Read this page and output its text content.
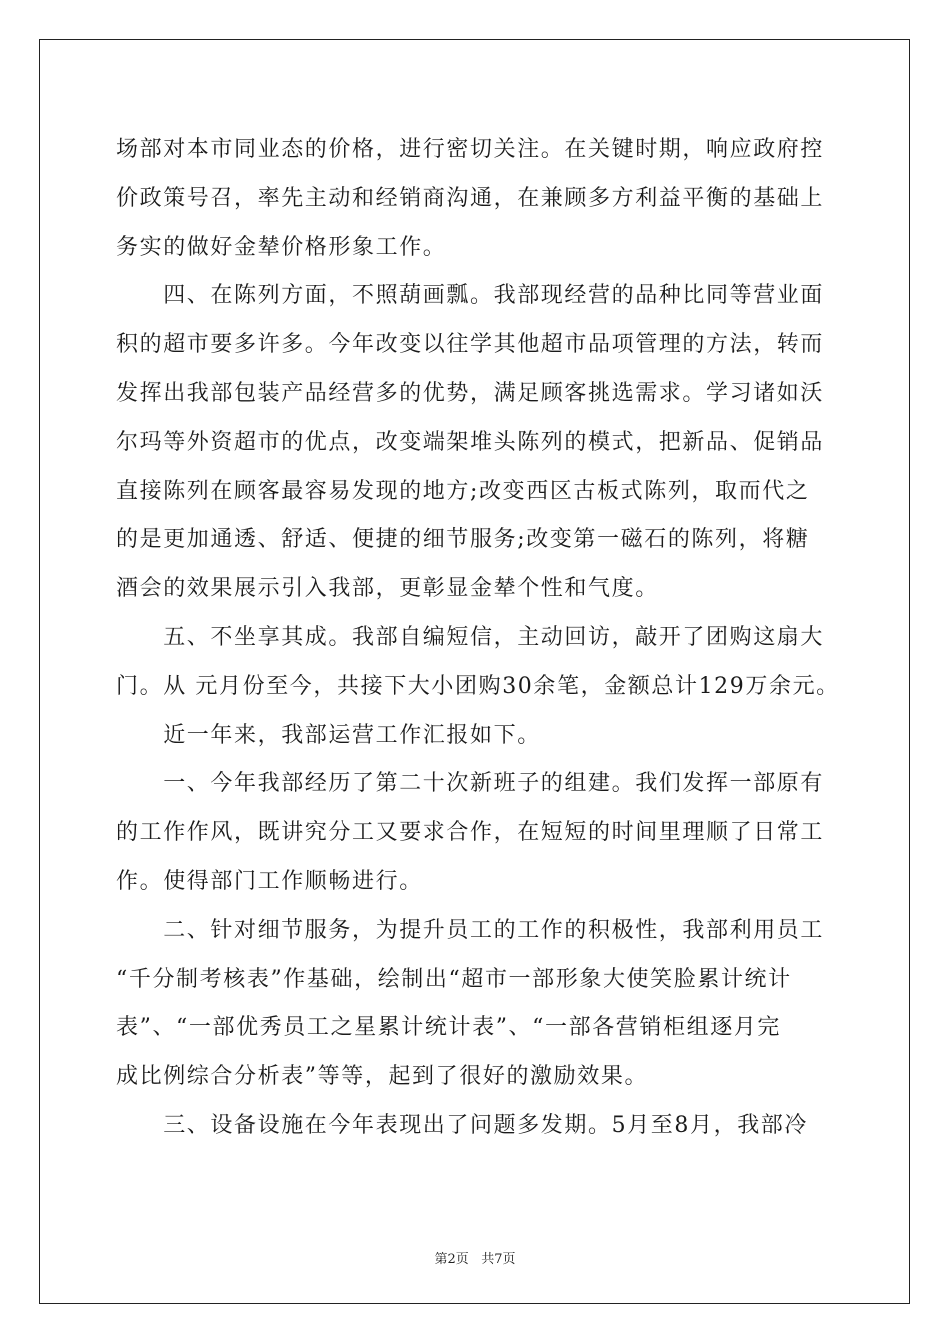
场部对本市同业态的价格，进行密切关注。在关键时期，响应政府控
价政策号召，率先主动和经销商沟通，在兼顾多方利益平衡的基础上
务实的做好金辇价格形象工作。
　　四、在陈列方面，不照葫画瓢。我部现经营的品种比同等营业面
积的超市要多许多。今年改变以往学其他超市品项管理的方法，转而
发挥出我部包装产品经营多的优势，满足顾客挑选需求。学习诸如沃
尔玛等外资超市的优点，改变端架堆头陈列的模式，把新品、促销品
直接陈列在顾客最容易发现的地方;改变西区古板式陈列，取而代之
的是更加通透、舒适、便捷的细节服务;改变第一磁石的陈列，将糖
酒会的效果展示引入我部，更彰显金辇个性和气度。
　　五、不坐享其成。我部自编短信，主动回访，敲开了团购这扇大
门。从 元月份至今，共接下大小团购30余笔，金额总计129万余元。
　　近一年来，我部运营工作汇报如下。
　　一、今年我部经历了第二十次新班子的组建。我们发挥一部原有
的工作作风，既讲究分工又要求合作，在短短的时间里理顺了日常工
作。使得部门工作顺畅进行。
　　二、针对细节服务，为提升员工的工作的积极性，我部利用员工
“千分制考核表”作基础，绘制出“超市一部形象大使笑脸累计统计
表”、“一部优秀员工之星累计统计表”、“一部各营销柜组逐月完
成比例综合分析表”等等，起到了很好的激励效果。
　　三、设备设施在今年表现出了问题多发期。5月至8月，我部冷
第2页 共7页
